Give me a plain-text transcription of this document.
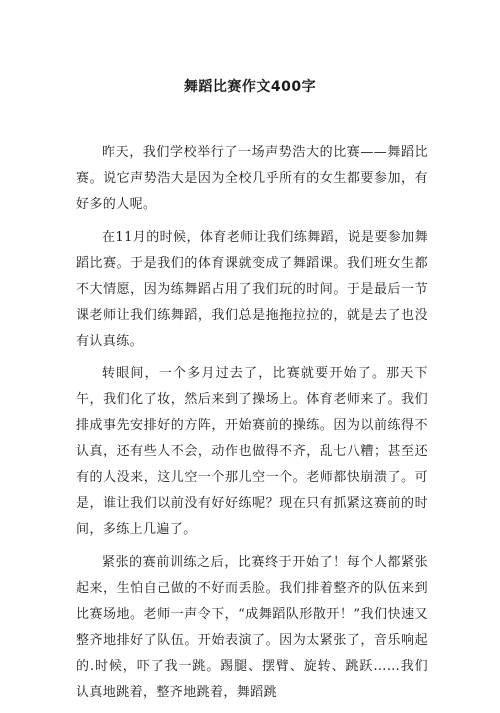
舞蹈比赛作文400字

昨天，我们学校举行了一场声势浩大的比赛——舞蹈比赛。说它声势浩大是因为全校几乎所有的女生都要参加，有好多的人呢。

在11月的时候，体育老师让我们练舞蹈，说是要参加舞蹈比赛。于是我们的体育课就变成了舞蹈课。我们班女生都不大情愿，因为练舞蹈占用了我们玩的时间。于是最后一节课老师让我们练舞蹈，我们总是拖拖拉拉的，就是去了也没有认真练。

转眼间，一个多月过去了，比赛就要开始了。那天下午，我们化了妆，然后来到了操场上。体育老师来了。我们排成事先安排好的方阵，开始赛前的操练。因为以前练得不认真，还有些人不会，动作也做得不齐，乱七八糟；甚至还有的人没来，这儿空一个那儿空一个。老师都快崩溃了。可是，谁让我们以前没有好好练呢？现在只有抓紧这赛前的时间，多练上几遍了。

紧张的赛前训练之后，比赛终于开始了！每个人都紧张起来，生怕自己做的不好而丢脸。我们排着整齐的队伍来到比赛场地。老师一声令下，“成舞蹈队形散开！”我们快速又整齐地排好了队伍。开始表演了。因为太紧张了，音乐响起的.时候，吓了我一跳。踢腿、摆臂、旋转、跳跃……我们认真地跳着，整齐地跳着，舞蹈跳
